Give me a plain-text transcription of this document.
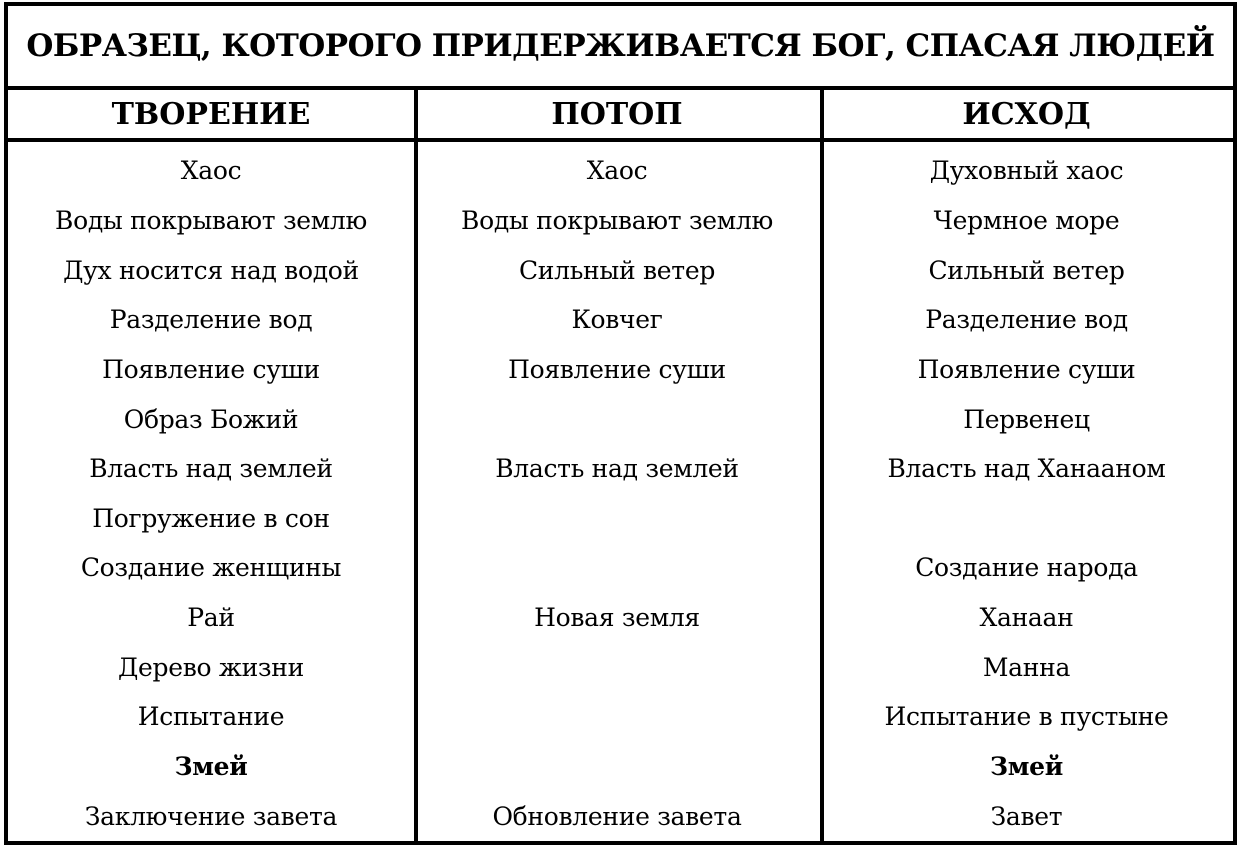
ОБРАЗЕЦ, КОТОРОГО ПРИДЕРЖИВАЕТСЯ БОГ, СПАСАЯ ЛЮДЕЙ
ТВОРЕНИЕ	ПОТОП	ИСХОД
Хаос
Воды покрывают землю
Дух носится над водой
Разделение вод
Появление суши
Образ Божий
Власть над землей
Погружение в сон
Создание женщины
Рай
Дерево жизни
Испытание
Змей
Заключение завета
Хаос
Воды покрывают землю
Сильный ветер
Ковчег
Появление суши
Власть над землей
Новая земля
Обновление завета
Духовный хаос
Чермное море
Сильный ветер
Разделение вод
Появление суши
Первенец
Власть над Ханааном
Создание народа
Ханаан
Манна
Испытание в пустыне
Змей
Завет
